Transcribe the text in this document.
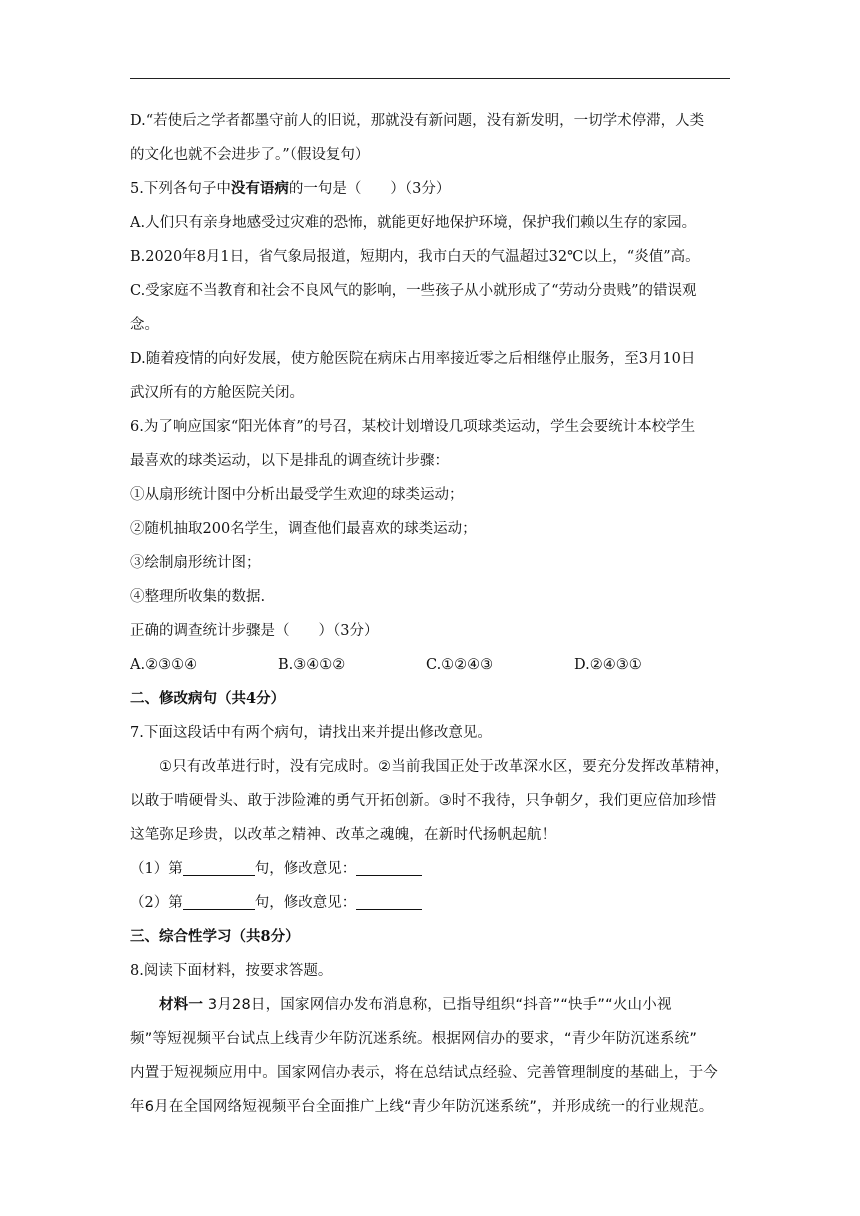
D.“若使后之学者都墨守前人的旧说，那就没有新问题，没有新发明，一切学术停滞，人类
的文化也就不会进步了。”（假设复句）
5.下列各句子中没有语病的一句是（　　）（3分）
A.人们只有亲身地感受过灾难的恐怖，就能更好地保护环境，保护我们赖以生存的家园。
B.2020年8月1日，省气象局报道，短期内，我市白天的气温超过32℃以上，“炎值”高。
C.受家庭不当教育和社会不良风气的影响，一些孩子从小就形成了“劳动分贵贱”的错误观
念。
D.随着疫情的向好发展，使方舱医院在病床占用率接近零之后相继停止服务，至3月10日
武汉所有的方舱医院关闭。
6.为了响应国家“阳光体育”的号召，某校计划增设几项球类运动，学生会要统计本校学生
最喜欢的球类运动，以下是排乱的调查统计步骤：
①从扇形统计图中分析出最受学生欢迎的球类运动；
②随机抽取200名学生，调查他们最喜欢的球类运动；
③绘制扇形统计图；
④整理所收集的数据.
正确的调查统计步骤是（　　）（3分）
A.②③①④	B.③④①②	C.①②④③	D.②④③①
二、修改病句（共4分）
7.下面这段话中有两个病句，请找出来并提出修改意见。
①只有改革进行时，没有完成时。②当前我国正处于改革深水区，要充分发挥改革精神，
以敢于啃硬骨头、敢于涉险滩的勇气开拓创新。③时不我待，只争朝夕，我们更应倍加珍惜
这笔弥足珍贵，以改革之精神、改革之魂魄，在新时代扬帆起航！
（1）第	句，修改意见：
（2）第	句，修改意见：
三、综合性学习（共8分）
8.阅读下面材料，按要求答题。
材料一 3月28日，国家网信办发布消息称，已指导组织“抖音”“快手”“火山小视
频”等短视频平台试点上线青少年防沉迷系统。根据网信办的要求，“青少年防沉迷系统”
内置于短视频应用中。国家网信办表示，将在总结试点经验、完善管理制度的基础上，于今
年6月在全国网络短视频平台全面推广上线“青少年防沉迷系统”，并形成统一的行业规范。
